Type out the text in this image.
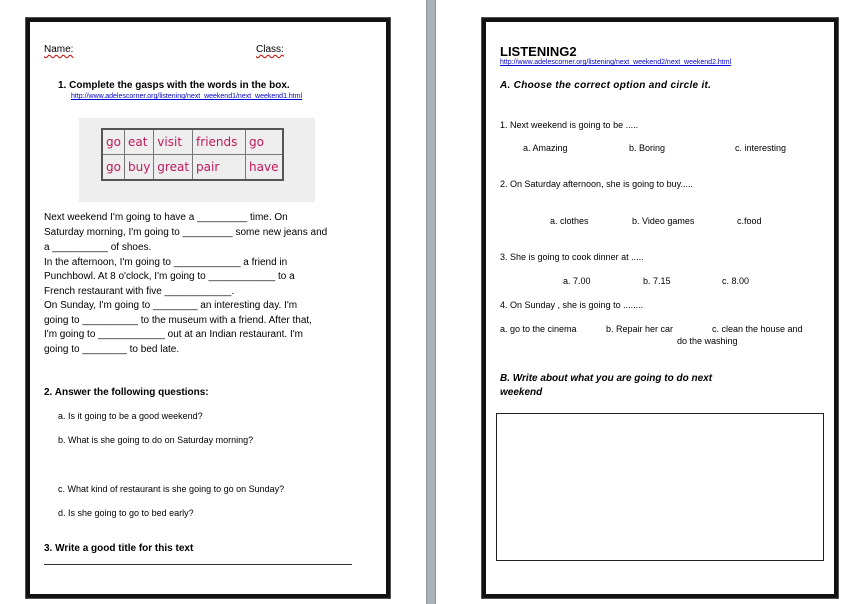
Name:	Class:
1. Complete the gasps with the words in the box.
http://www.adelescorner.org/listening/next_weekend1/next_weekend1.html
go	eat	visit	friends	go
go	buy	great	pair	have
Next weekend I'm going to have a _________ time. On
Saturday morning, I'm going to _________ some new jeans and
a __________ of shoes.
In the afternoon, I'm going to ____________ a friend in
Punchbowl. At 8 o'clock, I'm going to ____________ to a
French restaurant with five ____________.
On Sunday, I'm going to ________ an interesting day. I'm
going to __________ to the museum with a friend. After that,
I'm going to ____________ out at an Indian restaurant. I'm
going to ________ to bed late.
2. Answer the following questions:
a. Is it going to be a good weekend?
b. What is she going to do on Saturday morning?
c. What kind of restaurant is she going to go on Sunday?
d. Is she going to go to bed early?
3. Write a good title for this text
LISTENING2
http://www.adelescorner.org/listening/next_weekend2/next_weekend2.html
A. Choose the correct option and circle it.
1. Next weekend is going to be .....
a. Amazing	b. Boring	c. interesting
2. On Saturday afternoon, she is going to buy.....
a. clothes	b. Video games	c.food
3. She is going to cook dinner at .....
a. 7.00	b. 7.15	c. 8.00
4. On Sunday , she is going to ........
a. go to the cinema	b. Repair her car	c. clean the house and
do the washing
B. Write about what you are going to do next
weekend
